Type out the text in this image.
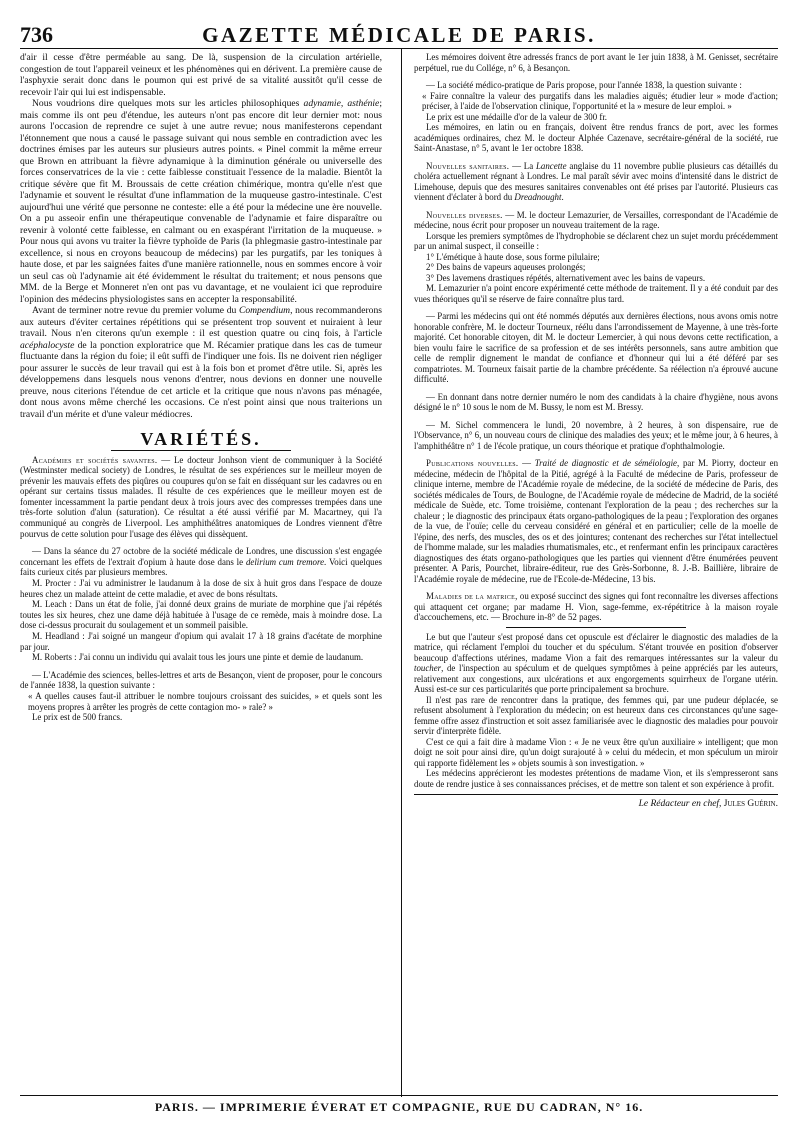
736	GAZETTE MÉDICALE DE PARIS.

d'air il cesse d'être perméable au sang. De là, suspension de la circulation artérielle, congestion de tout l'appareil veineux et les phénomènes qui en dérivent. La première cause de l'asphyxie serait donc dans le poumon qui est privé de sa vitalité aussitôt qu'il cesse de recevoir l'air qui lui est indispensable.

Nous voudrions dire quelques mots sur les articles philosophiques adynamie, asthénie; mais comme ils ont peu d'étendue, les auteurs n'ont pas encore dit leur dernier mot: nous aurons l'occasion de reprendre ce sujet à une autre revue; nous manifesterons cependant l'étonnement que nous a causé le passage suivant qui nous semble en contradiction avec les doctrines émises par les auteurs sur plusieurs autres points. « Pinel commit la même erreur que Brown en attribuant la fièvre adynamique à la diminution générale ou universelle des forces conservatrices de la vie : cette faiblesse constituait l'essence de la maladie. Bientôt la critique sévère que fit M. Broussais de cette création chimérique, montra qu'elle n'est que l'adynamie et souvent le résultat d'une inflammation de la muqueuse gastro-intestinale. C'est aujourd'hui une vérité que personne ne conteste: elle a été pour la médecine une ère nouvelle. On a pu asseoir enfin une thérapeutique convenable de l'adynamie et faire disparaître ou revenir à volonté cette faiblesse, en calmant ou en exaspérant l'irritation de la muqueuse. » Pour nous qui avons vu traiter la fièvre typhoïde de Paris (la phlegmasie gastro-intestinale par excellence, si nous en croyons beaucoup de médecins) par les purgatifs, par les toniques à haute dose, et par les saignées faites d'une manière rationnelle, nous en sommes encore à voir un seul cas où l'adynamie ait été évidemment le résultat du traitement; et nous pensons que MM. de la Berge et Monneret n'en ont pas vu davantage, et ne voulaient ici que reproduire l'opinion des médecins physiologistes sans en accepter la responsabilité.

Avant de terminer notre revue du premier volume du Compendium, nous recommanderons aux auteurs d'éviter certaines répétitions qui se présentent trop souvent et nuiraient à leur travail. Nous n'en citerons qu'un exemple : il est question quatre ou cinq fois, à l'article acéphalocyste de la ponction exploratrice que M. Récamier pratique dans les cas de tumeur fluctuante dans la région du foie; il eût suffi de l'indiquer une fois. Ils ne doivent rien négliger pour assurer le succès de leur travail qui est à la fois bon et promet d'être utile. Si, après les développemens dans lesquels nous venons d'entrer, nous devions en donner une nouvelle preuve, nous citerions l'étendue de cet article et la critique que nous n'avons pas ménagée, dont nous avons même cherché les occasions. Ce n'est point ainsi que nous traiterions un travail d'un mérite et d'une valeur médiocres.

VARIÉTÉS.

Académies et sociétés savantes. — Le docteur Jonhson vient de communiquer à la Société (Westminster medical society) de Londres, le résultat de ses expériences sur le meilleur moyen de prévenir les mauvais effets des piqûres ou coupures qu'on se fait en disséquant sur les cadavres ou en opérant sur certains tissus malades. Il résulte de ces expériences que le meilleur moyen est de fomenter incessamment la partie pendant deux à trois jours avec des compresses trempées dans une très-forte solution d'alun (saturation). Ce résultat a été aussi vérifié par M. Macartney, qui l'a communiqué au congrès de Liverpool. Les amphithéâtres anatomiques de Londres viennent d'être pourvus de cette solution pour l'usage des élèves qui dissèquent.

— Dans la séance du 27 octobre de la société médicale de Londres, une discussion s'est engagée concernant les effets de l'extrait d'opium à haute dose dans le delirium cum tremore. Voici quelques faits curieux cités par plusieurs membres.

M. Procter : J'ai vu administrer le laudanum à la dose de six à huit gros dans l'espace de douze heures chez un malade atteint de cette maladie, et avec de bons résultats.

M. Leach : Dans un état de folie, j'ai donné deux grains de muriate de morphine que j'ai répétés toutes les six heures, chez une dame déjà habituée à l'usage de ce remède, mais à moindre dose. La dose ci-dessus procurait du soulagement et un sommeil paisible.

M. Headland : J'ai soigné un mangeur d'opium qui avalait 17 à 18 grains d'acétate de morphine par jour.

M. Roberts : J'ai connu un individu qui avalait tous les jours une pinte et demie de laudanum.

— L'Académie des sciences, belles-lettres et arts de Besançon, vient de proposer, pour le concours de l'année 1838, la question suivante :

« A quelles causes faut-il attribuer le nombre toujours croissant des suicides, » et quels sont les moyens propres à arrêter les progrès de cette contagion mo- » rale? »

Le prix est de 500 francs.

Les mémoires doivent être adressés francs de port avant le 1er juin 1838, à M. Genisset, secrétaire perpétuel, rue du Collége, n° 6, à Besançon.

— La société médico-pratique de Paris propose, pour l'année 1838, la question suivante :

« Faire connaître la valeur des purgatifs dans les maladies aiguës; étudier leur » mode d'action; préciser, à l'aide de l'observation clinique, l'opportunité et la » mesure de leur emploi. »

Le prix est une médaille d'or de la valeur de 300 fr.

Les mémoires, en latin ou en français, doivent être rendus francs de port, avec les formes académiques ordinaires, chez M. le docteur Alphée Cazenave, secrétaire-général de la société, rue Saint-Anastase, n° 5, avant le 1er octobre 1838.

Nouvelles sanitaires. — La Lancette anglaise du 11 novembre publie plusieurs cas détaillés du choléra actuellement régnant à Londres. Le mal paraît sévir avec moins d'intensité dans le district de Limehouse, depuis que des mesures sanitaires convenables ont été prises par l'autorité. Plusieurs cas viennent d'éclater à bord du Dreadnought.

Nouvelles diverses. — M. le docteur Lemazurier, de Versailles, correspondant de l'Académie de médecine, nous écrit pour proposer un nouveau traitement de la rage.

Lorsque les premiers symptômes de l'hydrophobie se déclarent chez un sujet mordu précédemment par un animal suspect, il conseille :

1° L'émétique à haute dose, sous forme pilulaire;

2° Des bains de vapeurs aqueuses prolongés;

3° Des lavemens drastiques répétés, alternativement avec les bains de vapeurs.

M. Lemazurier n'a point encore expérimenté cette méthode de traitement. Il y a été conduit par des vues théoriques qu'il se réserve de faire connaître plus tard.

— Parmi les médecins qui ont été nommés députés aux dernières élections, nous avons omis notre honorable confrère, M. le docteur Tourneux, réélu dans l'arrondissement de Mayenne, à une très-forte majorité. Cet honorable citoyen, dit M. le docteur Lemercier, à qui nous devons cette rectification, a bien voulu faire le sacrifice de sa profession et de ses intérêts personnels, sans autre ambition que celle de remplir dignement le mandat de confiance et d'honneur qui lui a été déféré par ses compatriotes. M. Tourneux faisait partie de la chambre précédente. Sa réélection n'a éprouvé aucune difficulté.

— En donnant dans notre dernier numéro le nom des candidats à la chaire d'hygiène, nous avons désigné le n° 10 sous le nom de M. Bussy, le nom est M. Bressy.

— M. Sichel commencera le lundi, 20 novembre, à 2 heures, à son dispensaire, rue de l'Observance, n° 6, un nouveau cours de clinique des maladies des yeux; et le même jour, à 6 heures, à l'amphithéâtre n° 1 de l'école pratique, un cours théorique et pratique d'ophthalmologie.

Publications nouvelles. — Traité de diagnostic et de séméiologie, par M. Piorry, docteur en médecine, médecin de l'hôpital de la Pitié, agrégé à la Faculté de médecine de Paris, professeur de clinique interne, membre de l'Académie royale de médecine, de la société de médecine de Paris, des sociétés médicales de Tours, de Boulogne, de l'Académie royale de médecine de Madrid, de la société médicale de Suède, etc. Tome troisième, contenant l'exploration de la peau ; des recherches sur la chaleur ; le diagnostic des principaux états organo-pathologiques de la peau ; l'exploration des organes de la vue, de l'ouïe; celle du cerveau considéré en général et en particulier; celle de la moelle de l'épine, des nerfs, des muscles, des os et des jointures; contenant des recherches sur l'état intellectuel de l'homme malade, sur les maladies rhumatismales, etc., et renfermant enfin les principaux caractères diagnostiques des états organo-pathologiques que les parties qui viennent d'être énumérées peuvent présenter. A Paris, Pourchet, libraire-éditeur, rue des Grès-Sorbonne, 8. J.-B. Baillière, libraire de l'Académie royale de médecine, rue de l'Ecole-de-Médecine, 13 bis.

Maladies de la matrice, ou exposé succinct des signes qui font reconnaître les diverses affections qui attaquent cet organe; par madame H. Vion, sage-femme, ex-répétitrice à la maison royale d'accouchemens, etc. — Brochure in-8° de 52 pages.

Le but que l'auteur s'est proposé dans cet opuscule est d'éclairer le diagnostic des maladies de la matrice, qui réclament l'emploi du toucher et du spéculum. S'étant trouvée en position d'observer beaucoup d'affections utérines, madame Vion a fait des remarques intéressantes sur la valeur du toucher, de l'inspection au spéculum et de quelques symptômes à peine appréciés par les auteurs, relativement aux congestions, aux ulcérations et aux engorgements squirrheux de l'organe utérin. Aussi est-ce sur ces particularités que porte principalement sa brochure.

Il n'est pas rare de rencontrer dans la pratique, des femmes qui, par une pudeur déplacée, se refusent absolument à l'exploration du médecin; on est heureux dans ces circonstances qu'une sage-femme offre assez d'instruction et soit assez familiarisée avec le diagnostic des maladies pour pouvoir servir d'interprète fidèle.

C'est ce qui a fait dire à madame Vion : « Je ne veux être qu'un auxiliaire » intelligent; que mon doigt ne soit pour ainsi dire, qu'un doigt surajouté à » celui du médecin, et mon spéculum un miroir qui rapporte fidèlement les » objets soumis à son investigation. »

Les médecins apprécieront les modestes prétentions de madame Vion, et ils s'empresseront sans doute de rendre justice à ses connaissances précises, et de mettre son talent et son expérience à profit.

Le Rédacteur en chef, Jules Guérin.
PARIS. — IMPRIMERIE ÉVERAT ET COMPAGNIE, RUE DU CADRAN, N° 16.
